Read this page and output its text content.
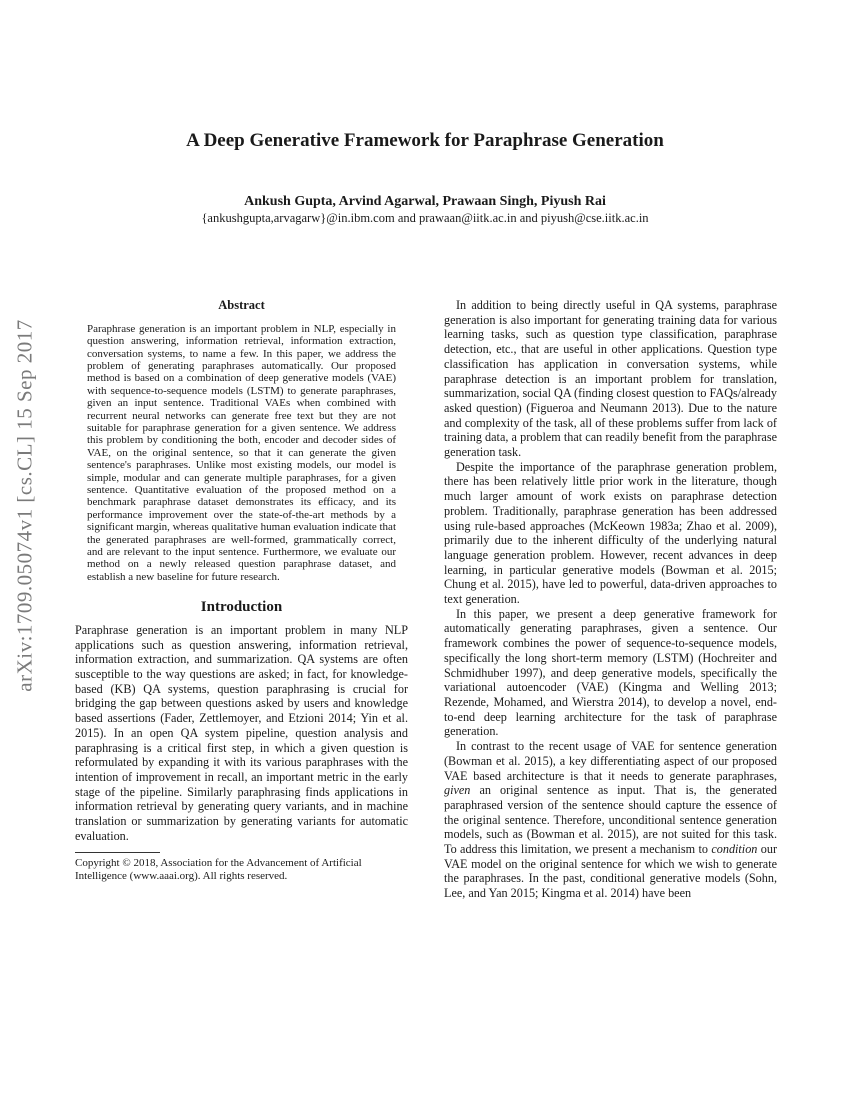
arXiv:1709.05074v1 [cs.CL] 15 Sep 2017
A Deep Generative Framework for Paraphrase Generation
Ankush Gupta, Arvind Agarwal, Prawaan Singh, Piyush Rai
{ankushgupta,arvagarw}@in.ibm.com and prawaan@iitk.ac.in and piyush@cse.iitk.ac.in
Abstract

Paraphrase generation is an important problem in NLP, especially in question answering, information retrieval, information extraction, conversation systems, to name a few. In this paper, we address the problem of generating paraphrases automatically. Our proposed method is based on a combination of deep generative models (VAE) with sequence-to-sequence models (LSTM) to generate paraphrases, given an input sentence. Traditional VAEs when combined with recurrent neural networks can generate free text but they are not suitable for paraphrase generation for a given sentence. We address this problem by conditioning the both, encoder and decoder sides of VAE, on the original sentence, so that it can generate the given sentence's paraphrases. Unlike most existing models, our model is simple, modular and can generate multiple paraphrases, for a given sentence. Quantitative evaluation of the proposed method on a benchmark paraphrase dataset demonstrates its efficacy, and its performance improvement over the state-of-the-art methods by a significant margin, whereas qualitative human evaluation indicate that the generated paraphrases are well-formed, grammatically correct, and are relevant to the input sentence. Furthermore, we evaluate our method on a newly released question paraphrase dataset, and establish a new baseline for future research.

Introduction

Paraphrase generation is an important problem in many NLP applications such as question answering, information retrieval, information extraction, and summarization. QA systems are often susceptible to the way questions are asked; in fact, for knowledge-based (KB) QA systems, question paraphrasing is crucial for bridging the gap between questions asked by users and knowledge based assertions (Fader, Zettlemoyer, and Etzioni 2014; Yin et al. 2015). In an open QA system pipeline, question analysis and paraphrasing is a critical first step, in which a given question is reformulated by expanding it with its various paraphrases with the intention of improvement in recall, an important metric in the early stage of the pipeline. Similarly paraphrasing finds applications in information retrieval by generating query variants, and in machine translation or summarization by generating variants for automatic evaluation.

Copyright © 2018, Association for the Advancement of Artificial Intelligence (www.aaai.org). All rights reserved.

In addition to being directly useful in QA systems, paraphrase generation is also important for generating training data for various learning tasks, such as question type classification, paraphrase detection, etc., that are useful in other applications. Question type classification has application in conversation systems, while paraphrase detection is an important problem for translation, summarization, social QA (finding closest question to FAQs/already asked question) (Figueroa and Neumann 2013). Due to the nature and complexity of the task, all of these problems suffer from lack of training data, a problem that can readily benefit from the paraphrase generation task.

Despite the importance of the paraphrase generation problem, there has been relatively little prior work in the literature, though much larger amount of work exists on paraphrase detection problem. Traditionally, paraphrase generation has been addressed using rule-based approaches (McKeown 1983a; Zhao et al. 2009), primarily due to the inherent difficulty of the underlying natural language generation problem. However, recent advances in deep learning, in particular generative models (Bowman et al. 2015; Chung et al. 2015), have led to powerful, data-driven approaches to text generation.

In this paper, we present a deep generative framework for automatically generating paraphrases, given a sentence. Our framework combines the power of sequence-to-sequence models, specifically the long short-term memory (LSTM) (Hochreiter and Schmidhuber 1997), and deep generative models, specifically the variational autoencoder (VAE) (Kingma and Welling 2013; Rezende, Mohamed, and Wierstra 2014), to develop a novel, end-to-end deep learning architecture for the task of paraphrase generation.

In contrast to the recent usage of VAE for sentence generation (Bowman et al. 2015), a key differentiating aspect of our proposed VAE based architecture is that it needs to generate paraphrases, given an original sentence as input. That is, the generated paraphrased version of the sentence should capture the essence of the original sentence. Therefore, unconditional sentence generation models, such as (Bowman et al. 2015), are not suited for this task. To address this limitation, we present a mechanism to condition our VAE model on the original sentence for which we wish to generate the paraphrases. In the past, conditional generative models (Sohn, Lee, and Yan 2015; Kingma et al. 2014) have been
